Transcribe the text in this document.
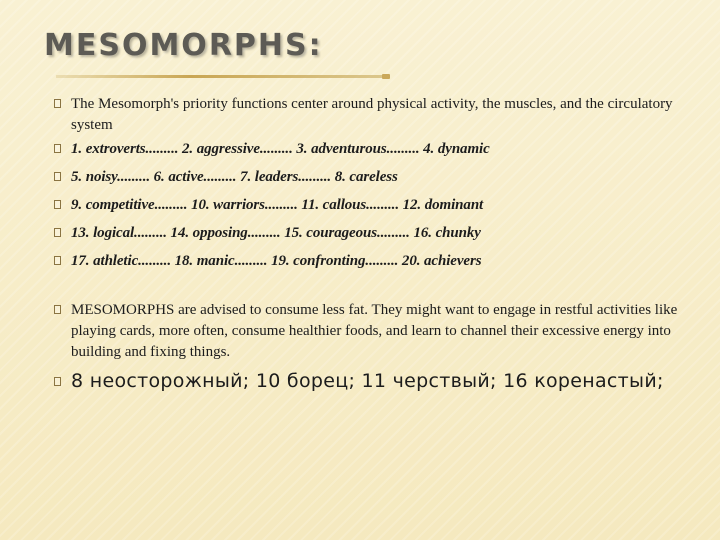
MESOMORPHS:
The Mesomorph's priority functions center around physical activity, the muscles, and the circulatory system
1. extroverts......... 2. aggressive......... 3. adventurous......... 4. dynamic
5. noisy......... 6. active......... 7. leaders......... 8. careless
9. competitive......... 10. warriors......... 11. callous......... 12. dominant
13. logical......... 14. opposing......... 15. courageous......... 16. chunky
17. athletic......... 18. manic......... 19. confronting......... 20. achievers
MESOMORPHS are advised to consume less fat. They might want to engage in restful activities like playing cards, more often, consume healthier foods, and learn to channel their excessive energy into building and fixing things.
8 неосторожный; 10 борец; 11 черствый; 16 коренастый;
